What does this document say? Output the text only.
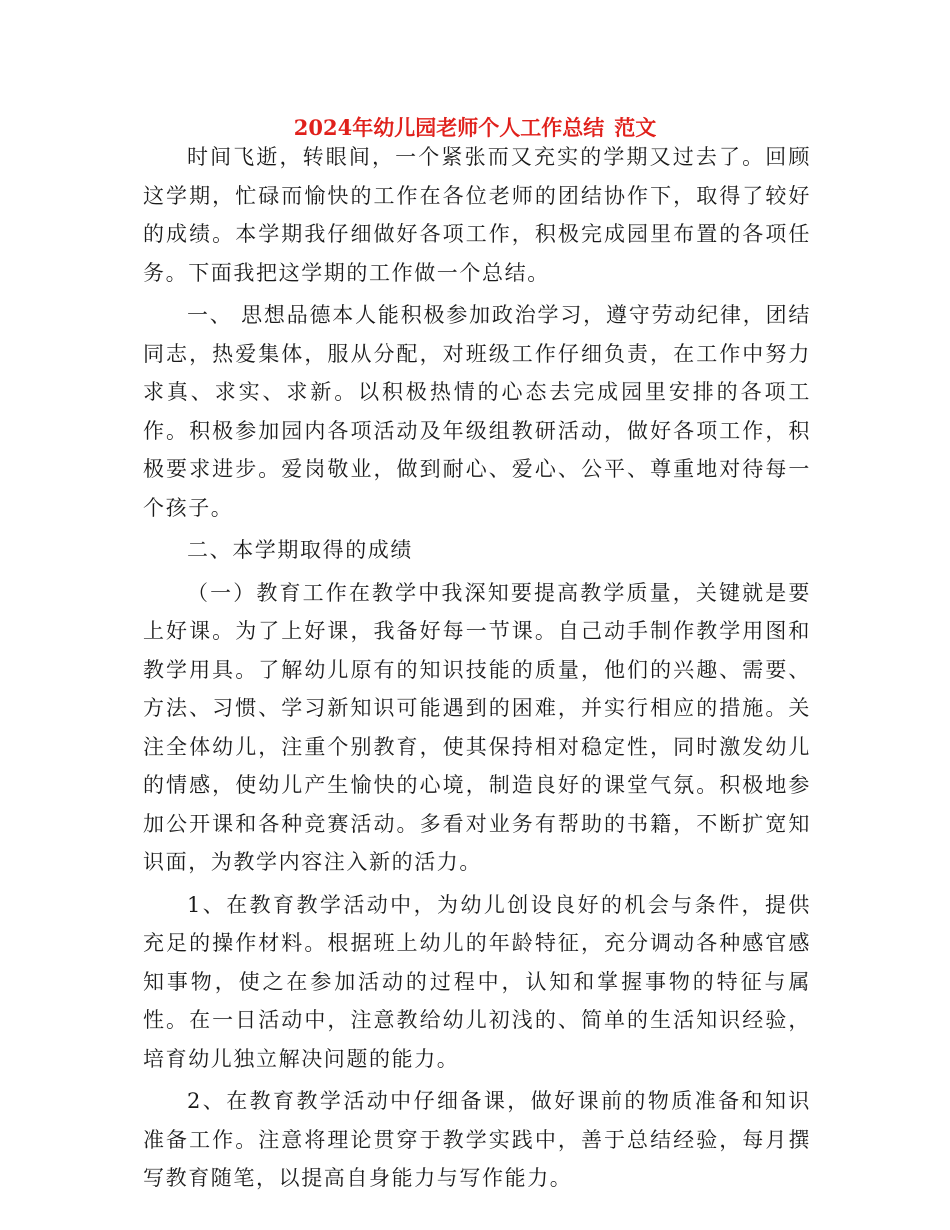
2024年幼儿园老师个人工作总结 范文

时间飞逝，转眼间，一个紧张而又充实的学期又过去了。回顾这学期，忙碌而愉快的工作在各位老师的团结协作下，取得了较好的成绩。本学期我仔细做好各项工作，积极完成园里布置的各项任务。下面我把这学期的工作做一个总结。

一、 思想品德本人能积极参加政治学习，遵守劳动纪律，团结同志，热爱集体，服从分配，对班级工作仔细负责，在工作中努力求真、求实、求新。以积极热情的心态去完成园里安排的各项工作。积极参加园内各项活动及年级组教研活动，做好各项工作，积极要求进步。爱岗敬业，做到耐心、爱心、公平、尊重地对待每一个孩子。

二、本学期取得的成绩

（一）教育工作在教学中我深知要提高教学质量，关键就是要上好课。为了上好课，我备好每一节课。自己动手制作教学用图和教学用具。了解幼儿原有的知识技能的质量，他们的兴趣、需要、方法、习惯、学习新知识可能遇到的困难，并实行相应的措施。关注全体幼儿，注重个别教育，使其保持相对稳定性，同时激发幼儿的情感，使幼儿产生愉快的心境，制造良好的课堂气氛。积极地参加公开课和各种竞赛活动。多看对业务有帮助的书籍，不断扩宽知识面，为教学内容注入新的活力。

1、在教育教学活动中，为幼儿创设良好的机会与条件，提供充足的操作材料。根据班上幼儿的年龄特征，充分调动各种感官感知事物，使之在参加活动的过程中，认知和掌握事物的特征与属性。在一日活动中，注意教给幼儿初浅的、简单的生活知识经验，培育幼儿独立解决问题的能力。

2、在教育教学活动中仔细备课，做好课前的物质准备和知识准备工作。注意将理论贯穿于教学实践中，善于总结经验，每月撰写教育随笔，以提高自身能力与写作能力。
